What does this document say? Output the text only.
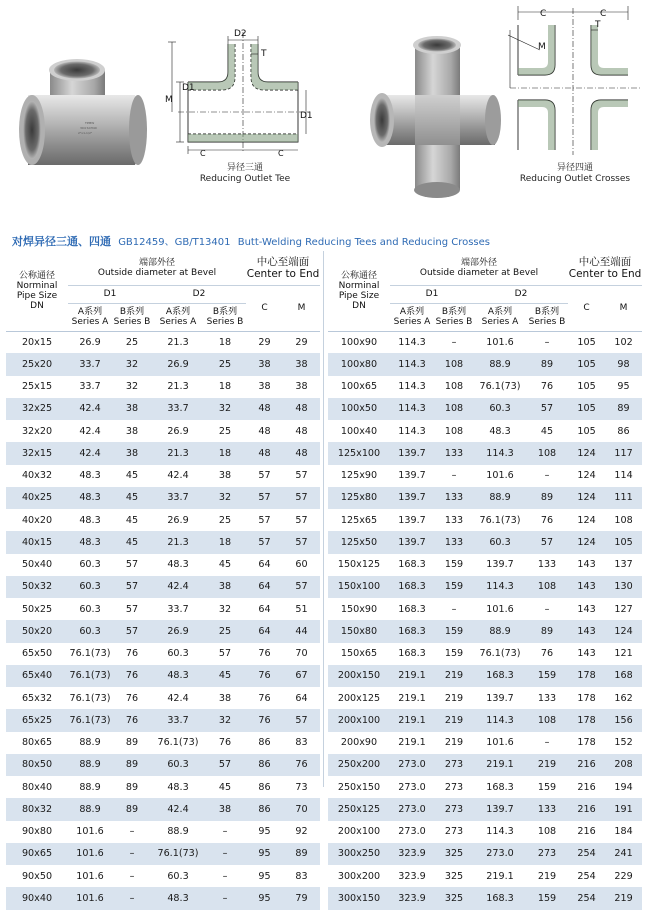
TPMW
304 SCH40
2"x1-1/2"
D2
T
D1
M
D1
C	C
异径三通
Reducing Outlet Tee
C	C
T
M
异径四通
Reducing Outlet Crosses
对焊异径三通、四通 GB12459、GB/T13401 Butt-Welding Reducing Tees and Reducing Crosses
公称通径
Norminal Pipe Size DN	端部外径
Outside diameter at Bevel				中心至端面
Center to End	
	D1		D2		C	M
	A系列 Series A	B系列 Series B	A系列 Series A	B系列 Series B		
20x15	26.9	25	21.3	18	29	29
25x20	33.7	32	26.9	25	38	38
25x15	33.7	32	21.3	18	38	38
32x25	42.4	38	33.7	32	48	48
32x20	42.4	38	26.9	25	48	48
32x15	42.4	38	21.3	18	48	48
40x32	48.3	45	42.4	38	57	57
40x25	48.3	45	33.7	32	57	57
40x20	48.3	45	26.9	25	57	57
40x15	48.3	45	21.3	18	57	57
50x40	60.3	57	48.3	45	64	60
50x32	60.3	57	42.4	38	64	57
50x25	60.3	57	33.7	32	64	51
50x20	60.3	57	26.9	25	64	44
65x50	76.1(73)	76	60.3	57	76	70
65x40	76.1(73)	76	48.3	45	76	67
65x32	76.1(73)	76	42.4	38	76	64
65x25	76.1(73)	76	33.7	32	76	57
80x65	88.9	89	76.1(73)	76	86	83
80x50	88.9	89	60.3	57	86	76
80x40	88.9	89	48.3	45	86	73
80x32	88.9	89	42.4	38	86	70
90x80	101.6	–	88.9	–	95	92
90x65	101.6	–	76.1(73)	–	95	89
90x50	101.6	–	60.3	–	95	83
90x40	101.6	–	48.3	–	95	79
公称通径
Norminal Pipe Size DN	端部外径
Outside diameter at Bevel				中心至端面
Center to End	
	D1		D2		C	M
	A系列 Series A	B系列 Series B	A系列 Series A	B系列 Series B		
100x90	114.3	–	101.6	–	105	102
100x80	114.3	108	88.9	89	105	98
100x65	114.3	108	76.1(73)	76	105	95
100x50	114.3	108	60.3	57	105	89
100x40	114.3	108	48.3	45	105	86
125x100	139.7	133	114.3	108	124	117
125x90	139.7	–	101.6	–	124	114
125x80	139.7	133	88.9	89	124	111
125x65	139.7	133	76.1(73)	76	124	108
125x50	139.7	133	60.3	57	124	105
150x125	168.3	159	139.7	133	143	137
150x100	168.3	159	114.3	108	143	130
150x90	168.3	–	101.6	–	143	127
150x80	168.3	159	88.9	89	143	124
150x65	168.3	159	76.1(73)	76	143	121
200x150	219.1	219	168.3	159	178	168
200x125	219.1	219	139.7	133	178	162
200x100	219.1	219	114.3	108	178	156
200x90	219.1	219	101.6	–	178	152
250x200	273.0	273	219.1	219	216	208
250x150	273.0	273	168.3	159	216	194
250x125	273.0	273	139.7	133	216	191
200x100	273.0	273	114.3	108	216	184
300x250	323.9	325	273.0	273	254	241
300x200	323.9	325	219.1	219	254	229
300x150	323.9	325	168.3	159	254	219
